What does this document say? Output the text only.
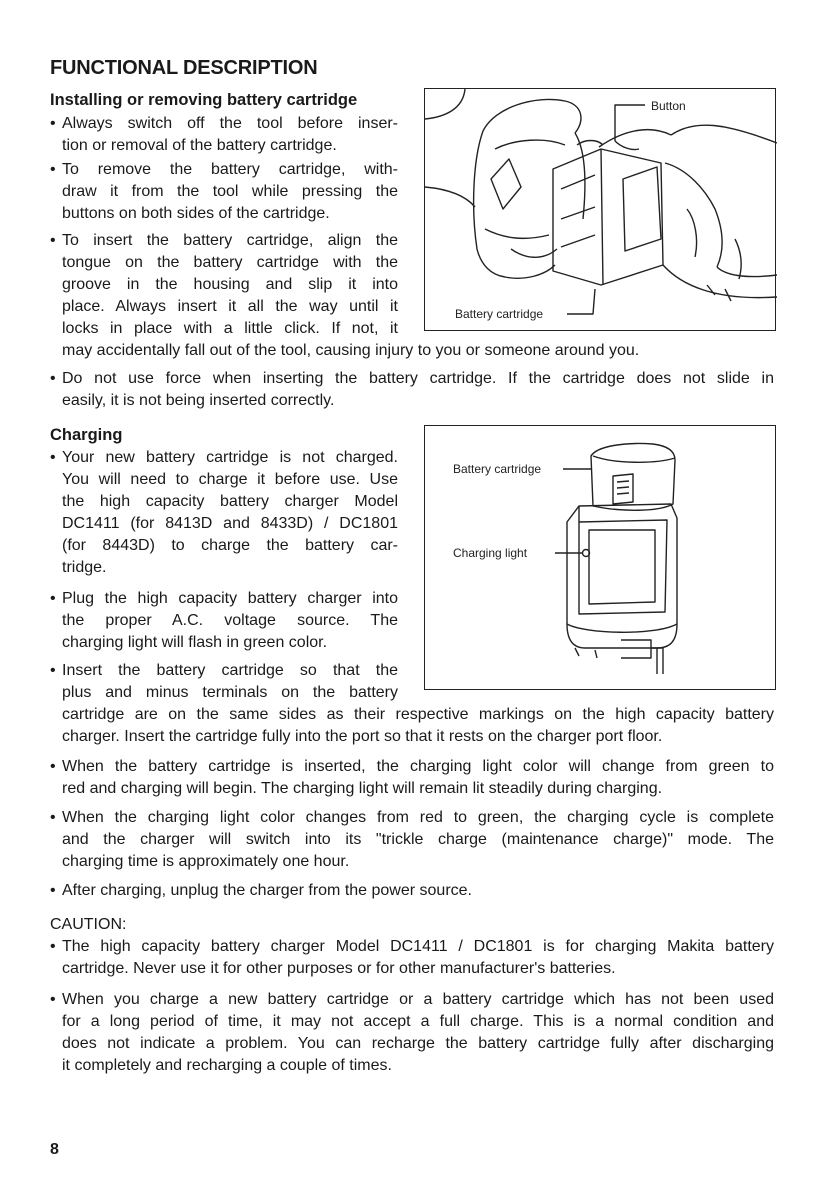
FUNCTIONAL DESCRIPTION
Installing or removing battery cartridge
• Always switch off the tool before inser-

tion or removal of the battery cartridge.

• To remove the battery cartridge, with-

draw it from the tool while pressing the

buttons on both sides of the cartridge.

• To insert the battery cartridge, align the

tongue on the battery cartridge with the

groove in the housing and slip it into

place. Always insert it all the way until it

locks in place with a little click. If not, it

may accidentally fall out of the tool, causing injury to you or someone around you.
• Do not use force when inserting the battery cartridge. If the cartridge does not slide in

easily, it is not being inserted correctly.

Button
Battery cartridge
Charging
• Your new battery cartridge is not charged.

You will need to charge it before use. Use

the high capacity battery charger Model

DC1411 (for 8413D and 8433D) / DC1801

(for 8443D) to charge the battery car-

tridge.

• Plug the high capacity battery charger into

the proper A.C. voltage source. The

charging light will flash in green color.

• Insert the battery cartridge so that the

plus and minus terminals on the battery

cartridge are on the same sides as their respective markings on the high capacity battery

charger. Insert the cartridge fully into the port so that it rests on the charger port floor.

• When the battery cartridge is inserted, the charging light color will change from green to

red and charging will begin. The charging light will remain lit steadily during charging.

• When the charging light color changes from red to green, the charging cycle is complete

and the charger will switch into its "trickle charge (maintenance charge)" mode. The

charging time is approximately one hour.

• After charging, unplug the charger from the power source.
Battery cartridge
Charging light
CAUTION:
• The high capacity battery charger Model DC1411 / DC1801 is for charging Makita battery

cartridge. Never use it for other purposes or for other manufacturer's batteries.

• When you charge a new battery cartridge or a battery cartridge which has not been used

for a long period of time, it may not accept a full charge. This is a normal condition and

does not indicate a problem. You can recharge the battery cartridge fully after discharging

it completely and recharging a couple of times.

8
